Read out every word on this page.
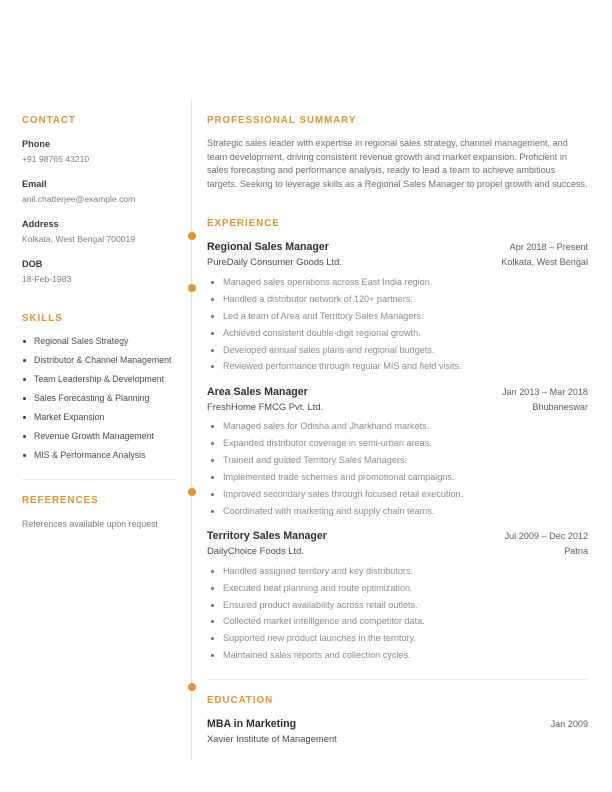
ANIL CHATTERJEE
Regional Sales Manager
CONTACT
Phone
+91 98765 43210
Email
anil.chatterjee@example.com
Address
Kolkata, West Bengal 700019
DOB
18-Feb-1983
SKILLS
Regional Sales Strategy
Distributor & Channel Management
Team Leadership & Development
Sales Forecasting & Planning
Market Expansion
Revenue Growth Management
MIS & Performance Analysis
REFERENCES
References available upon request
PROFESSIONAL SUMMARY
Strategic sales leader with expertise in regional sales strategy, channel management, and team development, driving consistent revenue growth and market expansion. Proficient in sales forecasting and performance analysis, ready to lead a team to achieve ambitious targets. Seeking to leverage skills as a Regional Sales Manager to propel growth and success.
EXPERIENCE
Regional Sales Manager	Apr 2018 – Present
PureDaily Consumer Goods Ltd.	Kolkata, West Bengal
Managed sales operations across East India region.
Handled a distributor network of 120+ partners.
Led a team of Area and Territory Sales Managers.
Achieved consistent double-digit regional growth.
Developed annual sales plans and regional budgets.
Reviewed performance through regular MIS and field visits.
Area Sales Manager	Jan 2013 – Mar 2018
FreshHome FMCG Pvt. Ltd.	Bhubaneswar
Managed sales for Odisha and Jharkhand markets.
Expanded distributor coverage in semi-urban areas.
Trained and guided Territory Sales Managers.
Implemented trade schemes and promotional campaigns.
Improved secondary sales through focused retail execution.
Coordinated with marketing and supply chain teams.
Territory Sales Manager	Jul 2009 – Dec 2012
DailyChoice Foods Ltd.	Patna
Handled assigned territory and key distributors.
Executed beat planning and route optimization.
Ensured product availability across retail outlets.
Collected market intelligence and competitor data.
Supported new product launches in the territory.
Maintained sales reports and collection cycles.
EDUCATION
MBA in Marketing	Jan 2009
Xavier Institute of Management
